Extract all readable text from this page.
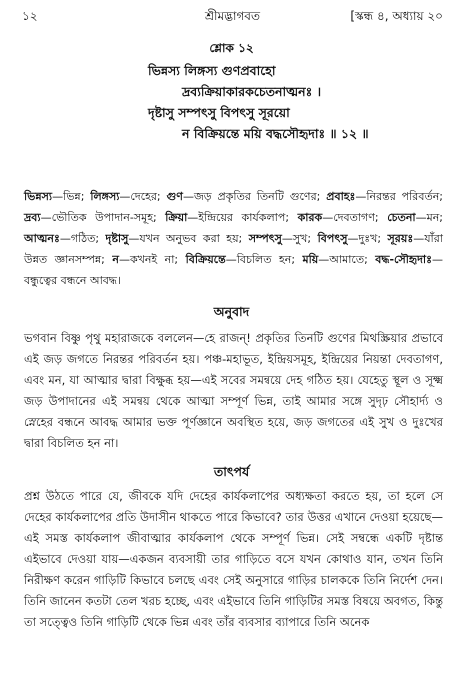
১২	শ্রীমদ্ভাগবত	[স্কন্ধ ৪, অধ্যায় ২০
শ্লোক ১২
ভিন্নস্য লিঙ্গস্য গুণপ্রবাহো
দ্রব্যক্রিয়াকারকচেতনাত্মনঃ ।
দৃষ্টাসু সম্পৎসু বিপৎসু সূরয়ো
ন বিক্রিয়ন্তে ময়ি বদ্ধসৌহৃদাঃ ॥ ১২ ॥
ভিন্নস্য—ভিন্ন; লিঙ্গস্য—দেহের; গুণ—জড় প্রকৃতির তিনটি গুণের; প্রবাহঃ—নিরন্তর পরিবর্তন; দ্রব্য—ভৌতিক উপাদান-সমূহ; ক্রিয়া—ইন্দ্রিয়ের কার্যকলাপ; কারক—দেবতাগণ; চেতনা—মন; আত্মনঃ—গঠিত; দৃষ্টাসু—যখন অনুভব করা হয়; সম্পৎসু—সুখ; বিপৎসু—দুঃখ; সূরয়ঃ—যাঁরা উন্নত জ্ঞানসম্পন্ন; ন—কখনই না; বিক্রিয়ন্তে—বিচলিত হন; ময়ি—আমাতে; বদ্ধ-সৌহৃদাঃ—বন্ধুত্বের বন্ধনে আবদ্ধ।
অনুবাদ
ভগবান বিষ্ণু পৃথু মহারাজকে বললেন—হে রাজন্! প্রকৃতির তিনটি গুণের মিথস্ক্রিয়ার প্রভাবে এই জড় জগতে নিরন্তর পরিবর্তন হয়। পঞ্চ-মহাভূত, ইন্দ্রিয়সমূহ, ইন্দ্রিয়ের নিয়ন্তা দেবতাগণ, এবং মন, যা আত্মার দ্বারা বিক্ষুব্ধ হয়—এই সবের সমন্বয়ে দেহ গঠিত হয়। যেহেতু স্থূল ও সূক্ষ্ম জড় উপাদানের এই সমন্বয় থেকে আত্মা সম্পূর্ণ ভিন্ন, তাই আমার সঙ্গে সুদৃঢ় সৌহার্দ্য ও স্নেহের বন্ধনে আবদ্ধ আমার ভক্ত পূর্ণজ্ঞানে অবস্থিত হয়ে, জড় জগতের এই সুখ ও দুঃখের দ্বারা বিচলিত হন না।
তাৎপর্য
প্রশ্ন উঠতে পারে যে, জীবকে যদি দেহের কার্যকলাপের অধ্যক্ষতা করতে হয়, তা হলে সে দেহের কার্যকলাপের প্রতি উদাসীন থাকতে পারে কিভাবে? তার উত্তর এখানে দেওয়া হয়েছে—এই সমস্ত কার্যকলাপ জীবাত্মার কার্যকলাপ থেকে সম্পূর্ণ ভিন্ন। সেই সম্বন্ধে একটি দৃষ্টান্ত এইভাবে দেওয়া যায়—একজন ব্যবসায়ী তার গাড়িতে বসে যখন কোথাও যান, তখন তিনি নিরীক্ষণ করেন গাড়িটি কিভাবে চলছে এবং সেই অনুসারে গাড়ির চালককে তিনি নির্দেশ দেন। তিনি জানেন কতটা তেল খরচ হচ্ছে, এবং এইভাবে তিনি গাড়িটির সমস্ত বিষয়ে অবগত, কিন্তু তা সত্ত্বেও তিনি গাড়িটি থেকে ভিন্ন এবং তাঁর ব্যবসার ব্যাপারে তিনি অনেক
